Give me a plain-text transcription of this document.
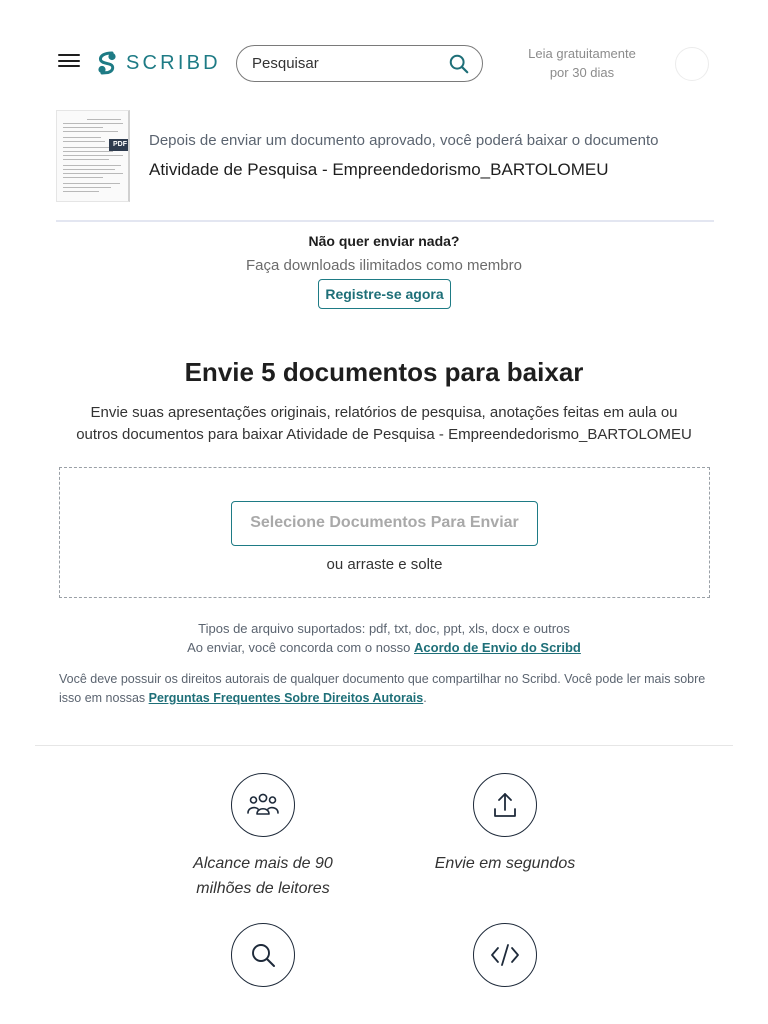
SCRIBD Pesquisar
Leia gratuitamente
por 30 dias
PDF Depois de enviar um documento aprovado, você poderá baixar o documento
Atividade de Pesquisa - Empreendedorismo_BARTOLOMEU
Não quer enviar nada?
Faça downloads ilimitados como membro
Registre-se agora
Envie 5 documentos para baixar
Envie suas apresentações originais, relatórios de pesquisa, anotações feitas em aula ou outros documentos para baixar Atividade de Pesquisa - Empreendedorismo_BARTOLOMEU
Selecione Documentos Para Enviar
ou arraste e solte
Tipos de arquivo suportados: pdf, txt, doc, ppt, xls, docx e outros
Ao enviar, você concorda com o nosso Acordo de Envio do Scribd
Você deve possuir os direitos autorais de qualquer documento que compartilhar no Scribd. Você pode ler mais sobre isso em nossas Perguntas Frequentes Sobre Direitos Autorais.
Alcance mais de 90
milhões de leitores
Envie em segundos
